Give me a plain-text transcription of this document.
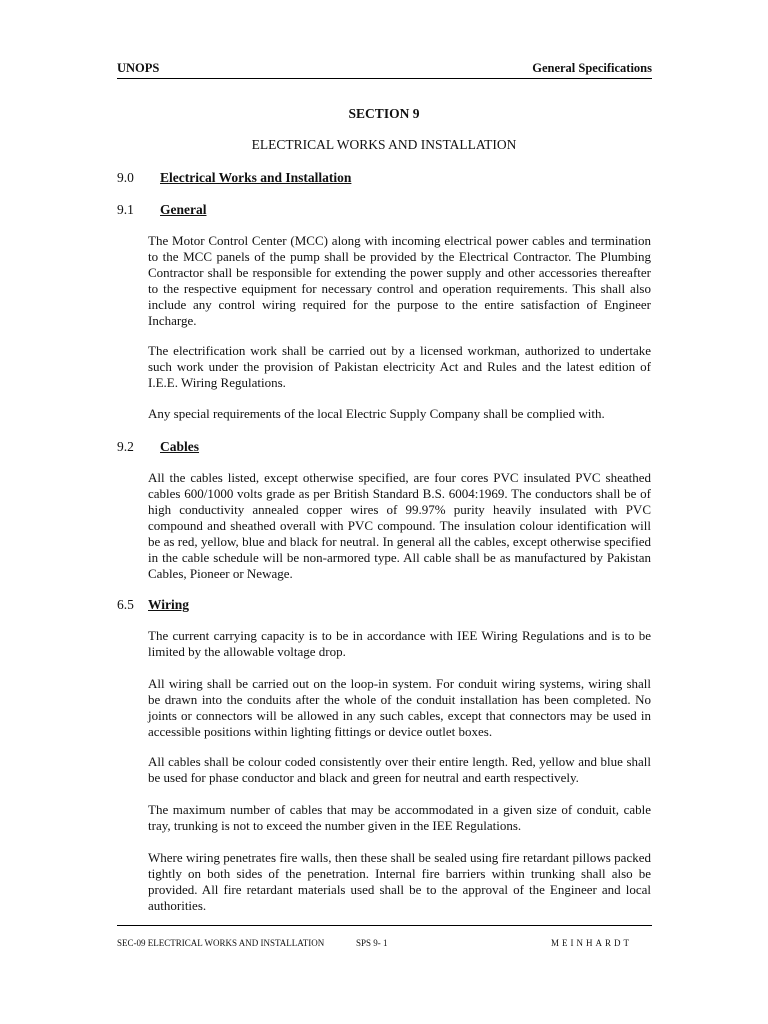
UNOPS	General Specifications
SECTION 9
ELECTRICAL WORKS AND INSTALLATION
9.0 Electrical Works and Installation
9.1 General

The Motor Control Center (MCC) along with incoming electrical power cables and termination to the MCC panels of the pump shall be provided by the Electrical Contractor. The Plumbing Contractor shall be responsible for extending the power supply and other accessories thereafter to the respective equipment for necessary control and operation requirements. This shall also include any control wiring required for the purpose to the entire satisfaction of Engineer Incharge.

The electrification work shall be carried out by a licensed workman, authorized to undertake such work under the provision of Pakistan electricity Act and Rules and the latest edition of I.E.E. Wiring Regulations.

Any special requirements of the local Electric Supply Company shall be complied with.

9.2 Cables

All the cables listed, except otherwise specified, are four cores PVC insulated PVC sheathed cables 600/1000 volts grade as per British Standard B.S. 6004:1969. The conductors shall be of high conductivity annealed copper wires of 99.97% purity heavily insulated with PVC compound and sheathed overall with PVC compound. The insulation colour identification will be as red, yellow, blue and black for neutral. In general all the cables, except otherwise specified in the cable schedule will be non-armored type. All cable shall be as manufactured by Pakistan Cables, Pioneer or Newage.

6.5 Wiring

The current carrying capacity is to be in accordance with IEE Wiring Regulations and is to be limited by the allowable voltage drop.

All wiring shall be carried out on the loop-in system. For conduit wiring systems, wiring shall be drawn into the conduits after the whole of the conduit installation has been completed. No joints or connectors will be allowed in any such cables, except that connectors may be used in accessible positions within lighting fittings or device outlet boxes.

All cables shall be colour coded consistently over their entire length. Red, yellow and blue shall be used for phase conductor and black and green for neutral and earth respectively.

The maximum number of cables that may be accommodated in a given size of conduit, cable tray, trunking is not to exceed the number given in the IEE Regulations.

Where wiring penetrates fire walls, then these shall be sealed using fire retardant pillows packed tightly on both sides of the penetration. Internal fire barriers within trunking shall also be provided. All fire retardant materials used shall be to the approval of the Engineer and local authorities.

SEC-09 ELECTRICAL WORKS AND INSTALLATION	SPS 9- 1	MEINHARDT
